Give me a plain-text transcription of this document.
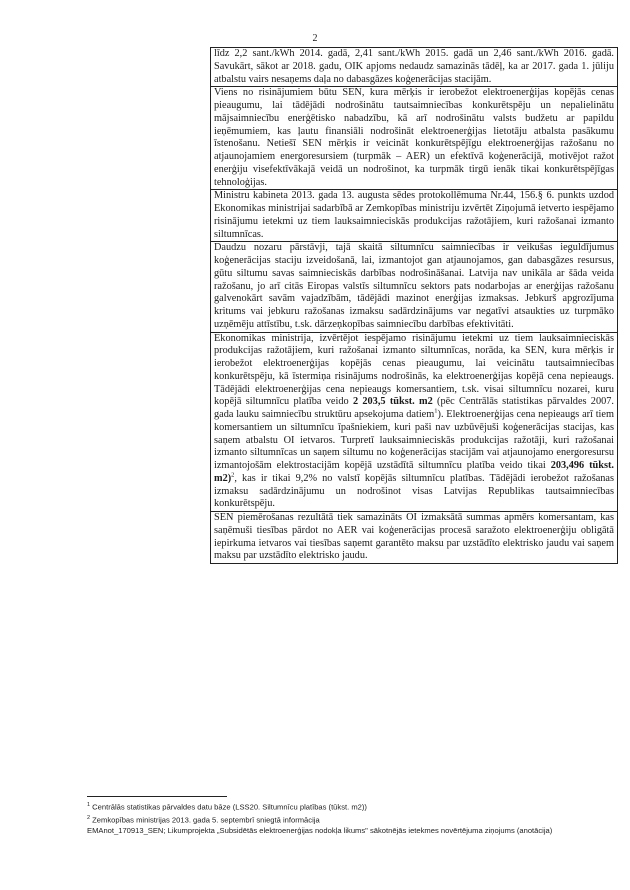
2
līdz 2,2 sant./kWh 2014. gadā, 2,41 sant./kWh 2015. gadā un 2,46 sant./kWh 2016. gadā. Savukārt, sākot ar 2018. gadu, OIK apjoms nedaudz samazinās tādēļ, ka ar 2017. gada 1. jūliju atbalstu vairs nesaņems daļa no dabasgāzes koģenerācijas stacijām.
Viens no risinājumiem būtu SEN, kura mērķis ir ierobežot elektroenerģijas kopējās cenas pieaugumu, lai tādējādi nodrošinātu tautsaimniecības konkurētspēju un nepalielinātu mājsaimniecību enerģētisko nabadzību, kā arī nodrošinātu valsts budžetu ar papildu ieņēmumiem, kas ļautu finansiāli nodrošināt elektroenerģijas lietotāju atbalsta pasākumu īstenošanu. Netiešī SEN mērķis ir veicināt konkurētspējīgu elektroenerģijas ražošanu no atjaunojamiem energoresursiem (turpmāk – AER) un efektīvā koģenerācijā, motivējot ražot enerģiju visefektīvākajā veidā un nodrošinot, ka turpmāk tirgū ienāk tikai konkurētspējīgas tehnoloģijas.
Ministru kabineta 2013. gada 13. augusta sēdes protokollēmuma Nr.44, 156.§ 6. punkts uzdod Ekonomikas ministrijai sadarbībā ar Zemkopības ministriju izvērtēt Ziņojumā ietverto iespējamo risinājumu ietekmi uz tiem lauksaimnieciskās produkcijas ražotājiem, kuri ražošanai izmanto siltumnīcas.
Daudzu nozaru pārstāvji, tajā skaitā siltumnīcu saimniecības ir veikušas ieguldījumus koģenerācijas staciju izveidošanā, lai, izmantojot gan atjaunojamos, gan dabasgāzes resursus, gūtu siltumu savas saimnieciskās darbības nodrošināšanai. Latvija nav unikāla ar šāda veida ražošanu, jo arī citās Eiropas valstīs siltumnīcu sektors pats nodarbojas ar enerģijas ražošanu galvenokārt savām vajadzībām, tādējādi mazinot enerģijas izmaksas. Jebkurš apgrozījuma kritums vai jebkuru ražošanas izmaksu sadārdzinājums var negatīvi atsaukties uz turpmāko uzņēmēju attīstību, t.sk. dārzeņkopības saimniecību darbības efektivitāti.
Ekonomikas ministrija, izvērtējot iespējamo risinājumu ietekmi uz tiem lauksaimnieciskās produkcijas ražotājiem, kuri ražošanai izmanto siltumnīcas, norāda, ka SEN, kura mērķis ir ierobežot elektroenerģijas kopējās cenas pieaugumu, lai veicinātu tautsaimniecības konkurētspēju, kā īstermiņa risinājums nodrošinās, ka elektroenerģijas kopējā cena nepieaugs. Tādējādi elektroenerģijas cena nepieaugs komersantiem, t.sk. visai siltumnīcu nozarei, kuru kopējā siltumnīcu platība veido 2 203,5 tūkst. m2 (pēc Centrālās statistikas pārvaldes 2007. gada lauku saimniecību struktūru apsekojuma datiem$^1$). Elektroenerģijas cena nepieaugs arī tiem komersantiem un siltumnīcu īpašniekiem, kuri paši nav uzbūvējuši koģenerācijas stacijas, kas saņem atbalstu OI ietvaros. Turpretī lauksaimnieciskās produkcijas ražotāji, kuri ražošanai izmanto siltumnīcas un saņem siltumu no koģenerācijas stacijām vai atjaunojamo energoresursu izmantojošām elektrostacijām kopējā uzstādītā siltumnīcu platība veido tikai 203,496 tūkst. m2)$^2$, kas ir tikai 9,2% no valstī kopējās siltumnīcu platības. Tādējādi ierobežot ražošanas izmaksu sadārdzinājumu un nodrošinot visas Latvijas Republikas tautsaimniecības konkurētspēju.
SEN piemērošanas rezultātā tiek samazināts OI izmaksātā summas apmērs komersantam, kas saņēmuši tiesības pārdot no AER vai koģenerācijas procesā saražoto elektroenerģiju obligātā iepirkuma ietvaros vai tiesības saņemt garantēto maksu par uzstādīto elektrisko jaudu vai saņem maksu par uzstādīto elektrisko jaudu.
$^1$ Centrālās statistikas pārvaldes datu bāze (LSS20. Siltumnīcu platības (tūkst. m2))
$^2$ Zemkopības ministrijas 2013. gada 5. septembrī sniegtā informācija
EMAnot_170913_SEN; Likumprojekta „Subsidētās elektroenerģijas nodokļa likums" sākotnējās ietekmes novērtējuma ziņojums (anotācija)
